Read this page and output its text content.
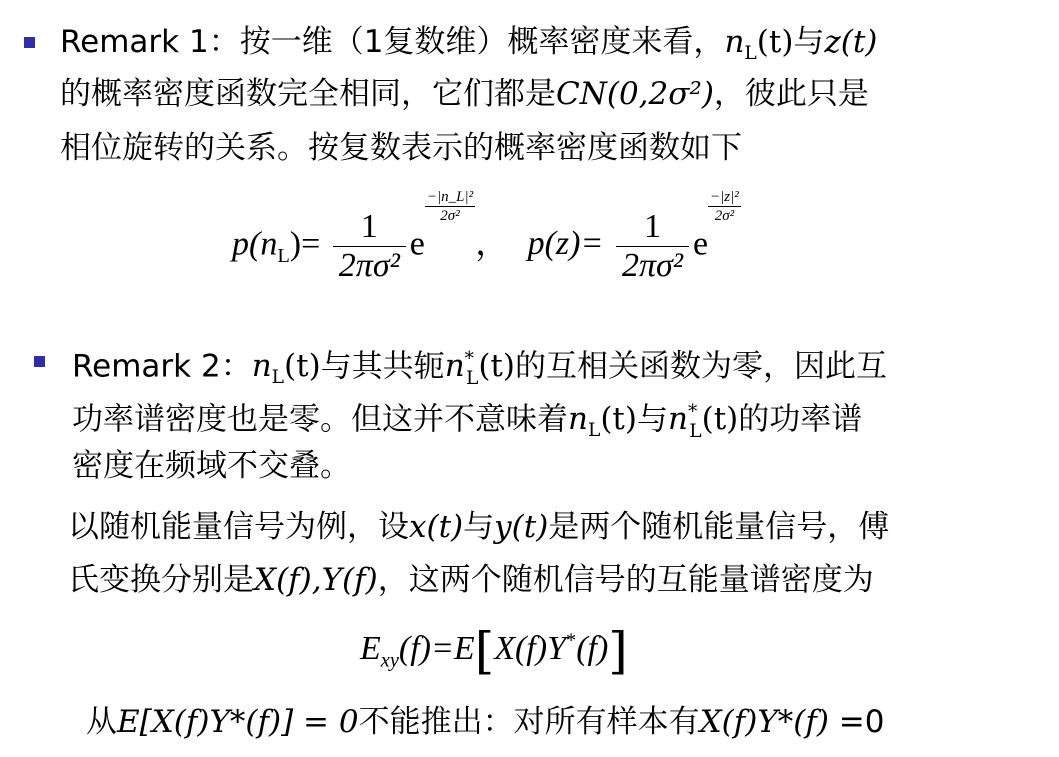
Remark 1：按一维（1复数维）概率密度来看，$n_L(t)$与z(t)
的概率密度函数完全相同，它们都是CN(0,2σ²)，彼此只是
相位旋转的关系。按复数表示的概率密度函数如下
$p(n_L)= \frac{1}{\text{2πσ²}}$ e
$\frac{\text{−|n\_L|²}}{\text{2σ²}}$
， $p(z)= \frac{1}{\text{2πσ²}}$ e
$\frac{\text{−|z|²}}{\text{2σ²}}$
Remark 2：$n_L(t)$与其共轭$n^*_L(t)$的互相关函数为零，因此互
功率谱密度也是零。但这并不意味着$n_L(t)$与$n^*_L(t)$的功率谱
密度在频域不交叠。
以随机能量信号为例，设x(t)与y(t)是两个随机能量信号，傅
氏变换分别是X(f),Y(f)，这两个随机信号的互能量谱密度为
$E_{xy}(f)=E[X(f)Y^*(f)]$
从E[X(f)Y*(f)] = 0不能推出：对所有样本有X(f)Y*(f) =0
